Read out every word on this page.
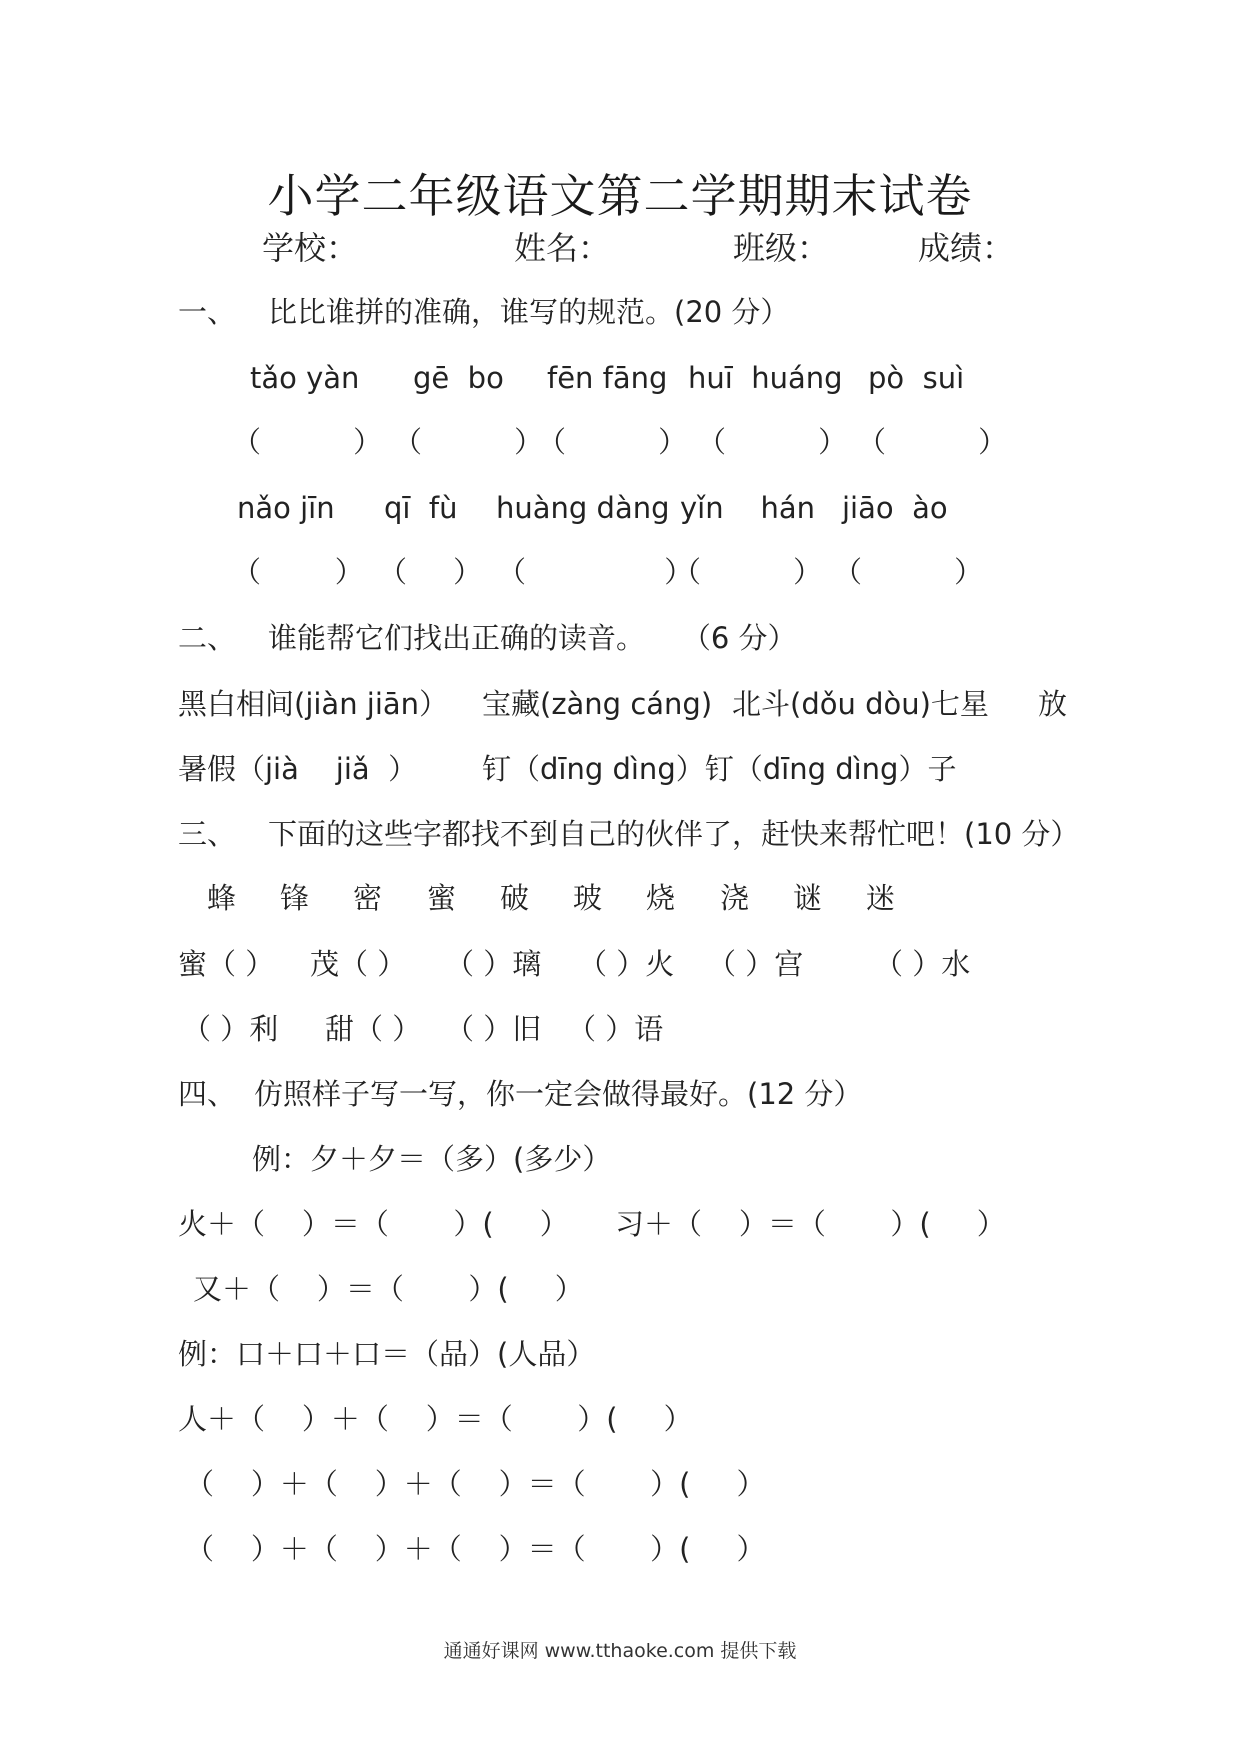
小学二年级语文第二学期期末试卷
学校：	姓名：	班级：	成绩：
一、 比比谁拼的准确，谁写的规范。(20 分）
tǎo yàn gē  bo fēn fāng huī  huáng pò  suì
（          ） （          ）
（          ） （          ） （          ）
nǎo jīn qī  fù huàng dàng yǐn    hán jiāo  ào
（        ） （     ） （               ）
（          ） （          ）
二、 谁能帮它们找出正确的读音。    （6 分）
黑白相间(jiàn jiān） 宝藏(zàng cáng) 北斗(dǒu dòu)七星 放
暑假（jià    jiǎ  ） 钉（dīng dìng）钉（dīng dìng）子
三、 下面的这些字都找不到自己的伙伴了，赶快来帮忙吧！(10 分）
蜂 锋 密 蜜 破 玻 烧 浇 谜 迷
蜜（ ） 茂（ ） （ ）璃 （ ）火 （ ）宫 （ ）水
（ ）利 甜（ ） （ ）旧 （ ）语
四、 仿照样子写一写，你一定会做得最好。(12 分）
例：夕＋夕＝（多）(多少）
火＋（    ）＝（       ）(     ） 习＋（    ）＝（       ）(     ）
又＋（    ）＝（       ）(     ）
例：口＋口＋口＝（品）(人品）
人＋（    ）＋（    ）＝（       ）(     ）
（    ）＋（    ）＋（    ）＝（       ）(     ）
（    ）＋（    ）＋（    ）＝（       ）(     ）
通通好课网 www.tthaoke.com 提供下载
